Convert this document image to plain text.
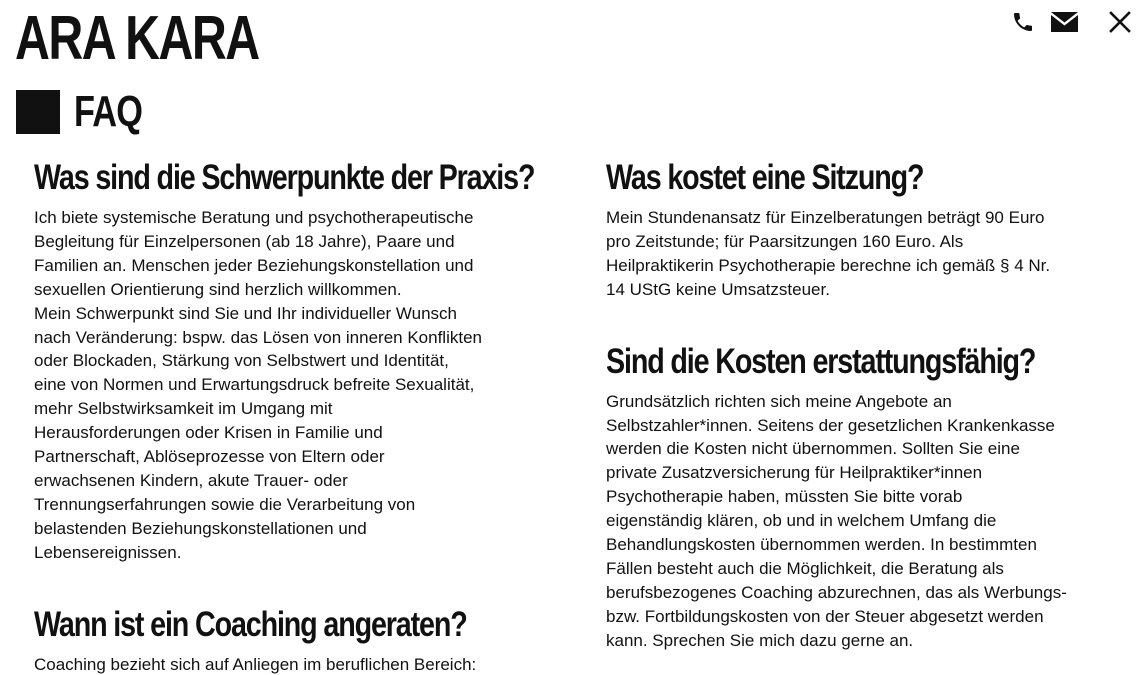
ARA KARA
FAQ
Was sind die Schwerpunkte der Praxis?

Ich biete systemische Beratung und psychotherapeutische
Begleitung für Einzelpersonen (ab 18 Jahre), Paare und
Familien an. Menschen jeder Beziehungskonstellation und
sexuellen Orientierung sind herzlich willkommen.
Mein Schwerpunkt sind Sie und Ihr individueller Wunsch
nach Veränderung: bspw. das Lösen von inneren Konflikten
oder Blockaden, Stärkung von Selbstwert und Identität,
eine von Normen und Erwartungsdruck befreite Sexualität,
mehr Selbstwirksamkeit im Umgang mit
Herausforderungen oder Krisen in Familie und
Partnerschaft, Ablöseprozesse von Eltern oder
erwachsenen Kindern, akute Trauer- oder
Trennungserfahrungen sowie die Verarbeitung von
belastenden Beziehungskonstellationen und
Lebensereignissen.

Wann ist ein Coaching angeraten?

Coaching bezieht sich auf Anliegen im beruflichen Bereich:

Was kostet eine Sitzung?

Mein Stundenansatz für Einzelberatungen beträgt 90 Euro
pro Zeitstunde; für Paarsitzungen 160 Euro. Als
Heilpraktikerin Psychotherapie berechne ich gemäß § 4 Nr.
14 UStG keine Umsatzsteuer.

Sind die Kosten erstattungsfähig?

Grundsätzlich richten sich meine Angebote an
Selbstzahler*innen. Seitens der gesetzlichen Krankenkasse
werden die Kosten nicht übernommen. Sollten Sie eine
private Zusatzversicherung für Heilpraktiker*innen
Psychotherapie haben, müssten Sie bitte vorab
eigenständig klären, ob und in welchem Umfang die
Behandlungskosten übernommen werden. In bestimmten
Fällen besteht auch die Möglichkeit, die Beratung als
berufsbezogenes Coaching abzurechnen, das als Werbungs-
bzw. Fortbildungskosten von der Steuer abgesetzt werden
kann. Sprechen Sie mich dazu gerne an.
